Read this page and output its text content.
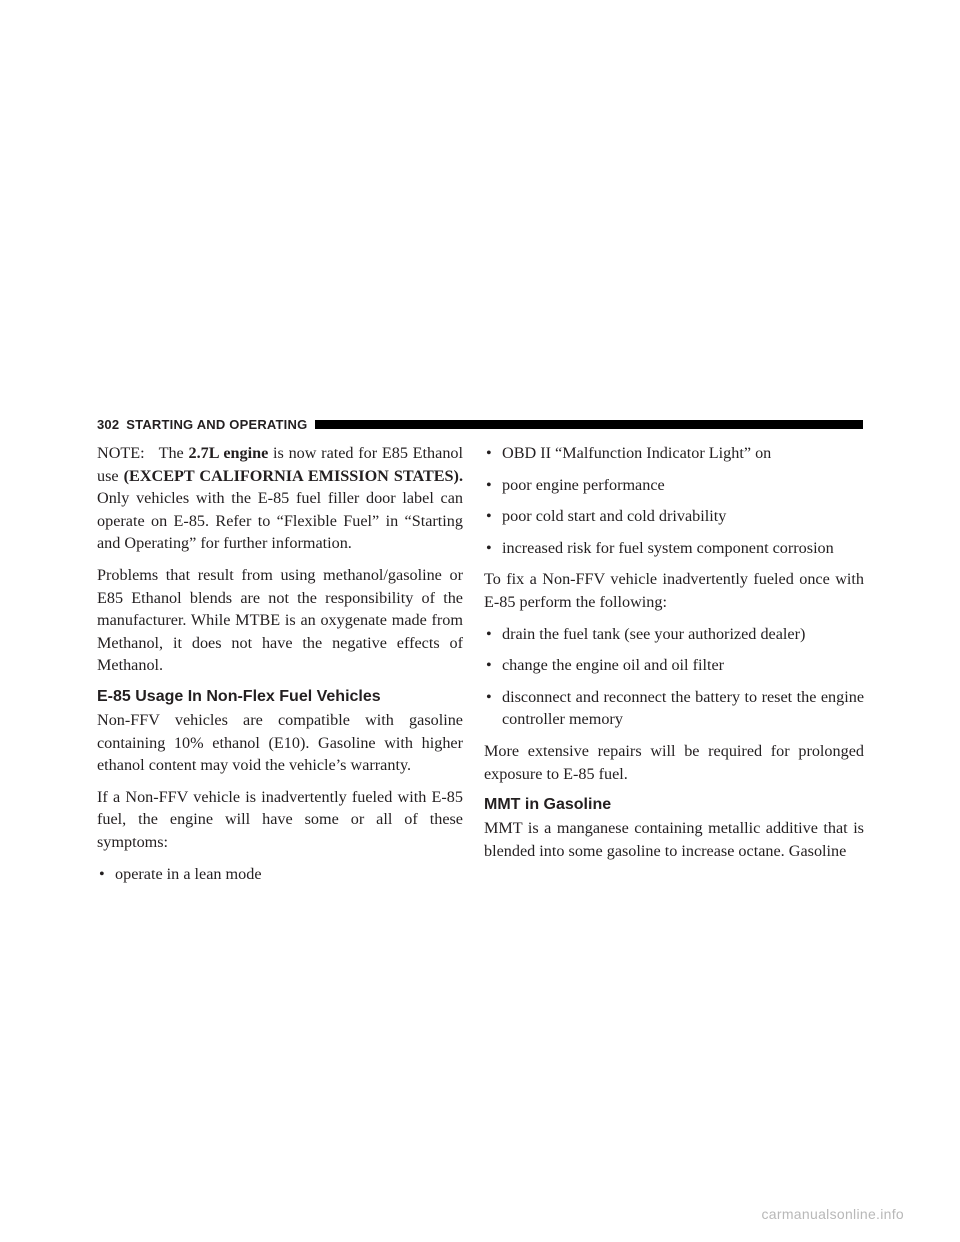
302 STARTING AND OPERATING

NOTE: The 2.7L engine is now rated for E85 Ethanol use (EXCEPT CALIFORNIA EMISSION STATES). Only vehicles with the E-85 fuel filler door label can operate on E-85. Refer to “Flexible Fuel” in “Starting and Operating” for further information.

Problems that result from using methanol/gasoline or E85 Ethanol blends are not the responsibility of the manufacturer. While MTBE is an oxygenate made from Methanol, it does not have the negative effects of Methanol.

E-85 Usage In Non-Flex Fuel Vehicles

Non-FFV vehicles are compatible with gasoline containing 10% ethanol (E10). Gasoline with higher ethanol content may void the vehicle’s warranty.

If a Non-FFV vehicle is inadvertently fueled with E-85 fuel, the engine will have some or all of these symptoms:

• operate in a lean mode
• OBD II “Malfunction Indicator Light” on
• poor engine performance
• poor cold start and cold drivability
• increased risk for fuel system component corrosion

To fix a Non-FFV vehicle inadvertently fueled once with E-85 perform the following:

• drain the fuel tank (see your authorized dealer)
• change the engine oil and oil filter
• disconnect and reconnect the battery to reset the engine controller memory

More extensive repairs will be required for prolonged exposure to E-85 fuel.

MMT in Gasoline

MMT is a manganese containing metallic additive that is blended into some gasoline to increase octane. Gasoline

carmanualsonline.info
